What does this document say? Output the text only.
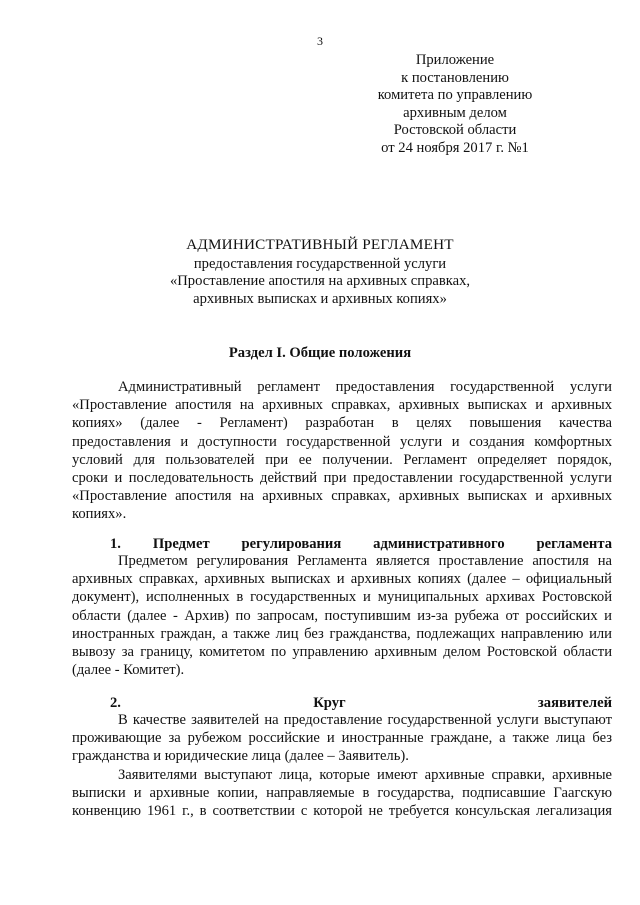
3
Приложение
к постановлению
комитета по управлению
архивным делом
Ростовской области
от 24 ноября 2017 г. №1
АДМИНИСТРАТИВНЫЙ РЕГЛАМЕНТ
предоставления государственной услуги
«Проставление апостиля на архивных справках,
архивных выписках и архивных копиях»
Раздел I. Общие положения

Административный регламент предоставления государственной услуги

«Проставление апостиля на архивных справках, архивных выписках и архивных

копиях» (далее - Регламент) разработан в целях повышения качества

предоставления и доступности государственной услуги и создания комфортных

условий для пользователей при ее получении. Регламент определяет порядок,

сроки и последовательность действий при предоставлении государственной услуги

«Проставление апостиля на архивных справках, архивных выписках и архивных

копиях».

1. Предмет регулирования административного регламента

Предметом регулирования Регламента является проставление апостиля на

архивных справках, архивных выписках и архивных копиях (далее – официальный

документ), исполненных в государственных и муниципальных архивах Ростовской

области (далее - Архив) по запросам, поступившим из-за рубежа от российских и

иностранных граждан, а также лиц без гражданства, подлежащих направлению или

вывозу за границу, комитетом по управлению архивным делом Ростовской области

(далее - Комитет).

2. Круг заявителей

В качестве заявителей на предоставление государственной услуги выступают

проживающие за рубежом российские и иностранные граждане, а также лица без

гражданства и юридические лица (далее – Заявитель).

Заявителями выступают лица, которые имеют архивные справки, архивные

выписки и архивные копии, направляемые в государства, подписавшие Гаагскую

конвенцию 1961 г., в соответствии с которой не требуется консульская легализация
